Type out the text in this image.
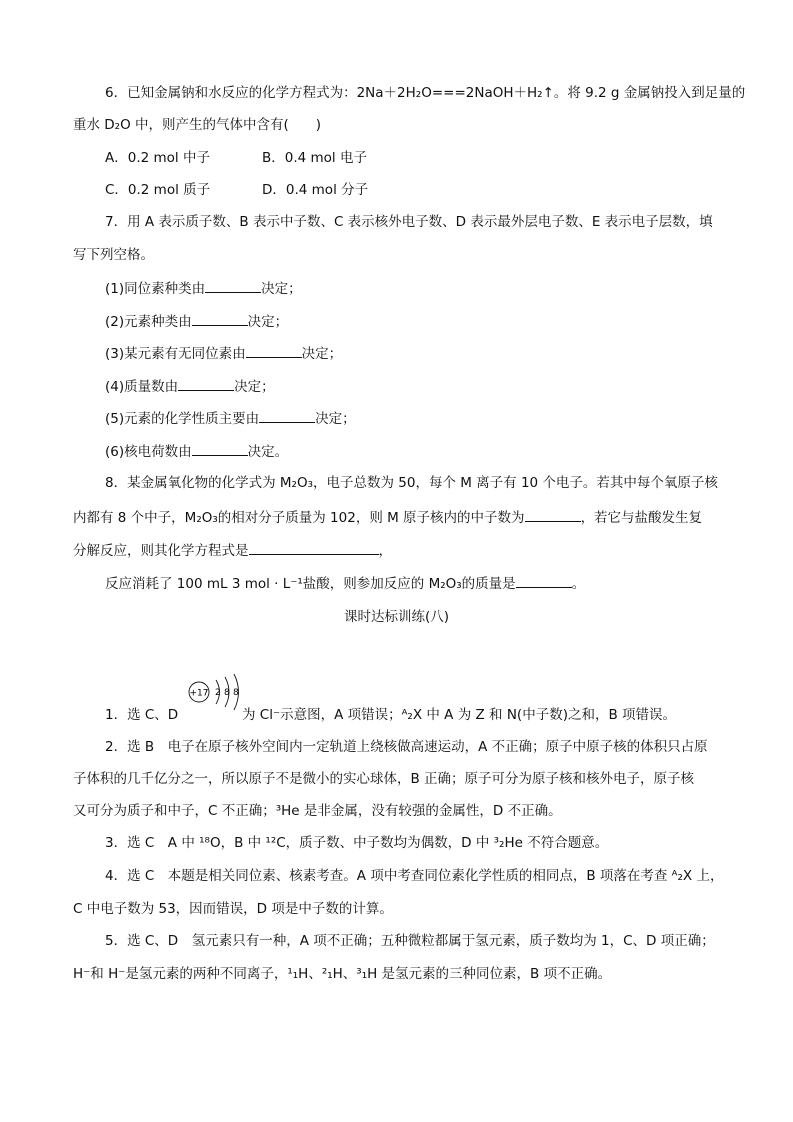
6．已知金属钠和水反应的化学方程式为：2Na＋2H₂O===2NaOH＋H₂↑。将 9.2 g 金属钠投入到足量的
重水 D₂O 中，则产生的气体中含有(　　)
A．0.2 mol 中子	B．0.4 mol 电子
C．0.2 mol 质子	D．0.4 mol 分子
7．用 A 表示质子数、B 表示中子数、C 表示核外电子数、D 表示最外层电子数、E 表示电子层数，填
写下列空格。
(1)同位素种类由	决定；
(2)元素种类由	决定；
(3)某元素有无同位素由	决定；
(4)质量数由	决定；
(5)元素的化学性质主要由	决定；
(6)核电荷数由	决定。
8．某金属氧化物的化学式为 M₂O₃，电子总数为 50，每个 M 离子有 10 个电子。若其中每个氧原子核
内都有 8 个中子，M₂O₃的相对分子质量为 102，则 M 原子核内的中子数为	，若它与盐酸发生复
分解反应，则其化学方程式是	，
反应消耗了 100 mL 3 mol · L⁻¹盐酸，则参加反应的 M₂O₃的质量是	。
课时达标训练(八)
+17 2 8 8
1．选 C、D	为 Cl⁻示意图，A 项错误；ᴬ₂X 中 A 为 Z 和 N(中子数)之和，B 项错误。
2．选 B　电子在原子核外空间内一定轨道上绕核做高速运动，A 不正确；原子中原子核的体积只占原
子体积的几千亿分之一，所以原子不是微小的实心球体，B 正确；原子可分为原子核和核外电子，原子核
又可分为质子和中子，C 不正确；³He 是非金属，没有较强的金属性，D 不正确。
3．选 C　A 中 ¹⁸O，B 中 ¹²C，质子数、中子数均为偶数，D 中 ³₂He 不符合题意。
4．选 C　本题是相关同位素、核素考查。A 项中考查同位素化学性质的相同点，B 项落在考查 ᴬ₂X 上，
C 中电子数为 53，因而错误，D 项是中子数的计算。
5．选 C、D　氢元素只有一种，A 项不正确；五种微粒都属于氢元素，质子数均为 1，C、D 项正确；
H⁻和 H⁻是氢元素的两种不同离子，¹₁H、²₁H、³₁H 是氢元素的三种同位素，B 项不正确。
